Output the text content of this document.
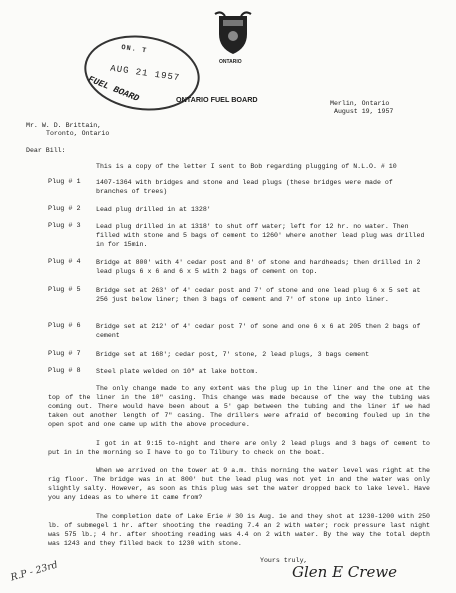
ON. T
AUG 21 1957
FUEL BOARD
ONTARIO
ONTARIO FUEL BOARD	Merlin, Ontario
August 19, 1957
Mr. W. D. Brittain,
Toronto, Ontario
Dear Bill:
This is a copy of the letter I sent to Bob regarding plugging of N.L.O. # 10
Plug # 1 1407-1364 with bridges and stone and lead plugs (these bridges were made of branches of trees)
Plug # 2 Lead plug drilled in at 1328'
Plug # 3 Lead plug drilled in at 1318' to shut off water; left for 12 hr. no water. Then filled with stone and 5 bags of cement to 1260' where another lead plug was drilled in for 15min.
Plug # 4 Bridge at 800' with 4' cedar post and 8' of stone and hardheads; then drilled in 2 lead plugs 6 x 6 and 6 x 5 with 2 bags of cement on top.
Plug # 5 Bridge set at 263' of 4' cedar post and 7' of stone and one lead plug 6 x 5 set at 256 just below liner; then 3 bags of cement and 7' of stone up into liner.
Plug # 6 Bridge set at 212' of 4' cedar post 7' of sone and one 6 x 6 at 205 then 2 bags of cement
Plug # 7 Bridge set at 168'; cedar post, 7' stone, 2 lead plugs, 3 bags cement
Plug # 8 Steel plate welded on 10" at lake bottom.
The only change made to any extent was the plug up in the liner and the one at the top of the liner in the 10" casing. This change was made because of the way the tubing was coming out. There would have been about a 5' gap between the tubing and the liner if we had taken out another length of 7" casing. The drillers were afraid of becoming fouled up in the open spot and one came up with the above procedure.
I got in at 9:15 to-night and there are only 2 lead plugs and 3 bags of cement to put in in the morning so I have to go to Tilbury to check on the boat.
When we arrived on the tower at 9 a.m. this morning the water level was right at the rig floor. The bridge was in at 800' but the lead plug was not yet in and the water was only slightly salty. However, as soon as this plug was set the water dropped back to lake level. Have you any ideas as to where it came from?
The completion date of Lake Erie # 30 is Aug. 1e and they shot at 1230-1200 with 250 lb. of submegel 1 hr. after shooting the reading 7.4 an 2 with water; rock pressure last night was 575 lb.; 4 hr. after shooting reading was 4.4 on 2 with water. By the way the total depth was 1243 and they filled back to 1230 with stone.
Yours truly,
Glen E Crewe
R.P - 23rd
